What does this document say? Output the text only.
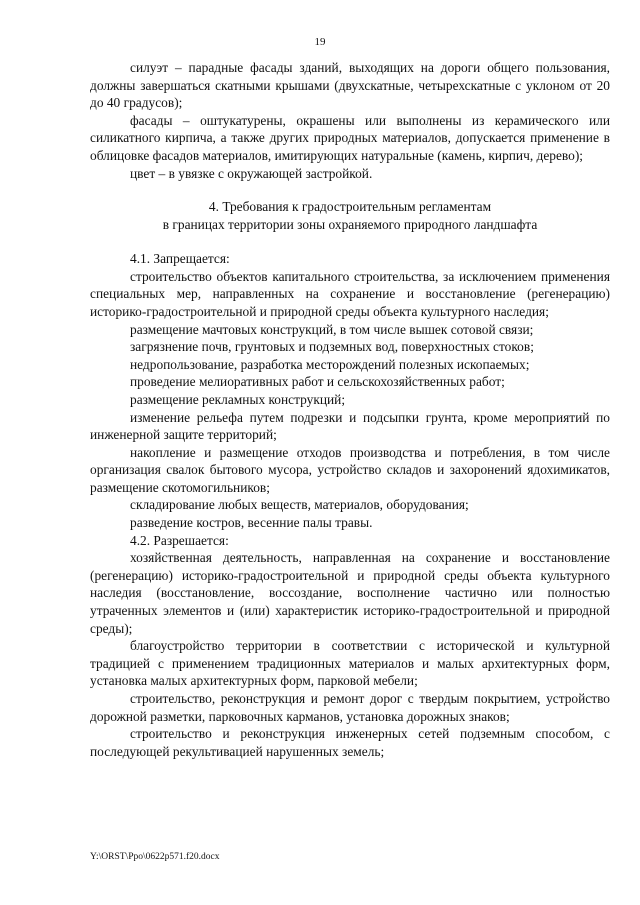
19

силуэт – парадные фасады зданий, выходящих на дороги общего пользования, должны завершаться скатными крышами (двухскатные, четырехскатные с уклоном от 20 до 40 градусов);

фасады – оштукатурены, окрашены или выполнены из керамического или силикатного кирпича, а также других природных материалов, допускается применение в облицовке фасадов материалов, имитирующих натуральные (камень, кирпич, дерево);

цвет – в увязке с окружающей застройкой.

4. Требования к градостроительным регламентам
в границах территории зоны охраняемого природного ландшафта

4.1. Запрещается:

строительство объектов капитального строительства, за исключением применения специальных мер, направленных на сохранение и восстановление (регенерацию) историко-градостроительной и природной среды объекта культурного наследия;

размещение мачтовых конструкций, в том числе вышек сотовой связи;

загрязнение почв, грунтовых и подземных вод, поверхностных стоков;

недропользование, разработка месторождений полезных ископаемых;

проведение мелиоративных работ и сельскохозяйственных работ;

размещение рекламных конструкций;

изменение рельефа путем подрезки и подсыпки грунта, кроме мероприятий по инженерной защите территорий;

накопление и размещение отходов производства и потребления, в том числе организация свалок бытового мусора, устройство складов и захоронений ядохимикатов, размещение скотомогильников;

складирование любых веществ, материалов, оборудования;

разведение костров, весенние палы травы.

4.2. Разрешается:

хозяйственная деятельность, направленная на сохранение и восстановление (регенерацию) историко-градостроительной и природной среды объекта культурного наследия (восстановление, воссоздание, восполнение частично или полностью утраченных элементов и (или) характеристик историко-градостроительной и природной среды);

благоустройство территории в соответствии с исторической и культурной традицией с применением традиционных материалов и малых архитектурных форм, установка малых архитектурных форм, парковой мебели;

строительство, реконструкция и ремонт дорог с твердым покрытием, устройство дорожной разметки, парковочных карманов, установка дорожных знаков;

строительство и реконструкция инженерных сетей подземным способом, с последующей рекультивацией нарушенных земель;

Y:\ORST\Ppo\0622p571.f20.docx
